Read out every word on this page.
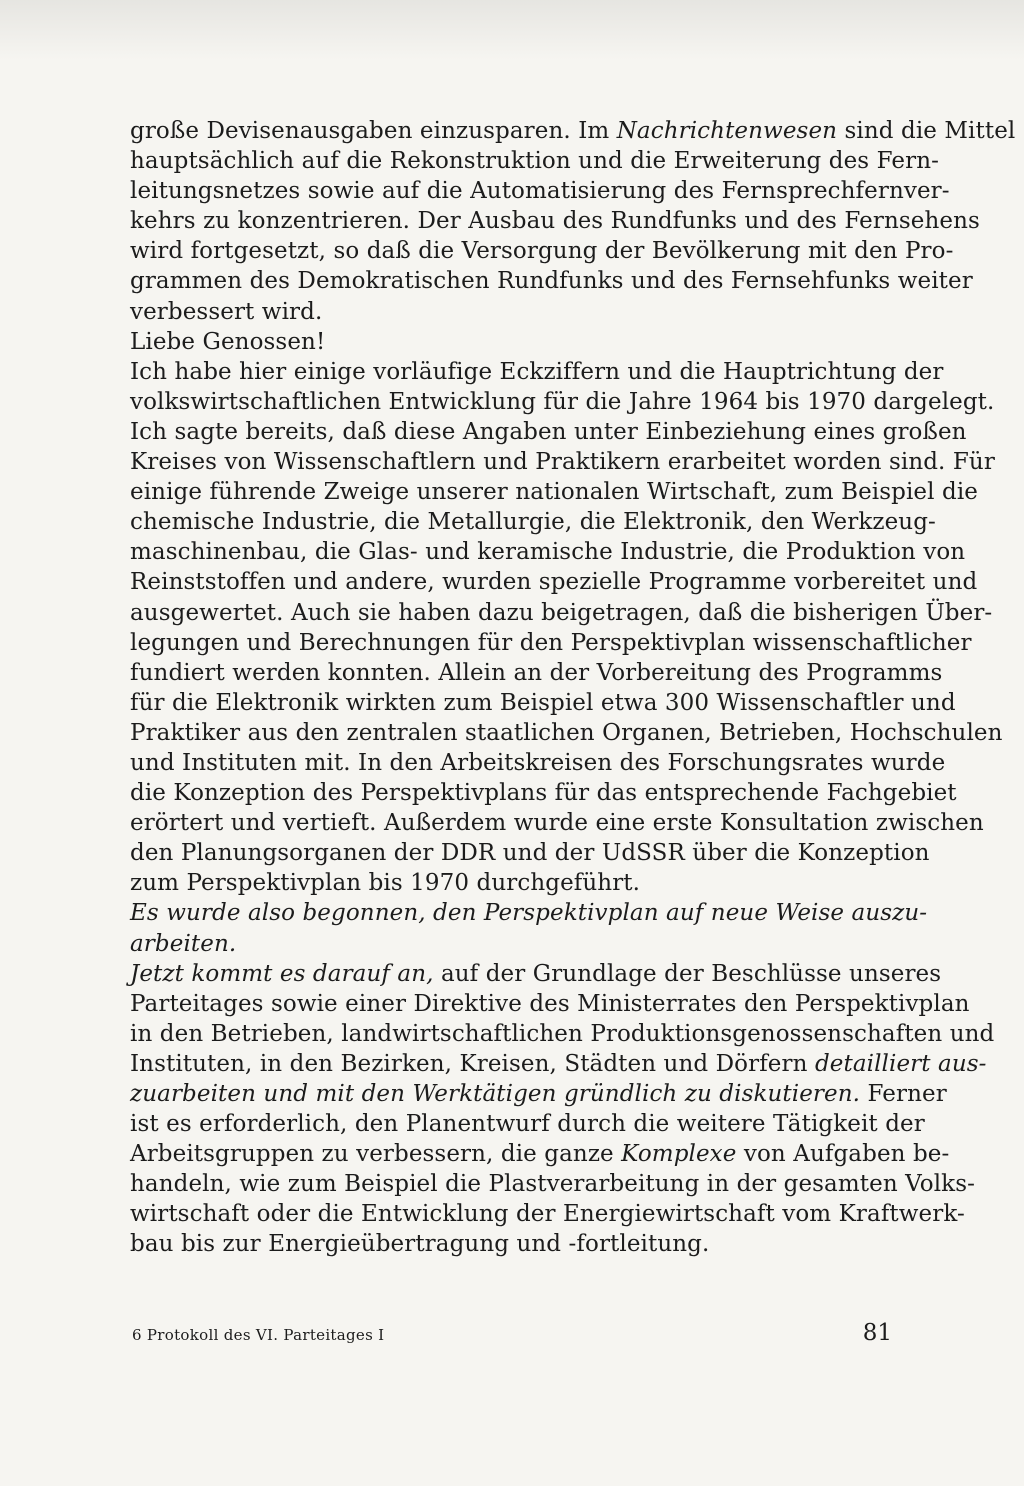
große Devisenausgaben einzusparen. Im Nachrichtenwesen sind die Mittel
hauptsächlich auf die Rekonstruktion und die Erweiterung des Fern-
leitungsnetzes sowie auf die Automatisierung des Fernsprechfernver-
kehrs zu konzentrieren. Der Ausbau des Rundfunks und des Fernsehens
wird fortgesetzt, so daß die Versorgung der Bevölkerung mit den Pro-
grammen des Demokratischen Rundfunks und des Fernsehfunks weiter
verbessert wird.
Liebe Genossen!
Ich habe hier einige vorläufige Eckziffern und die Hauptrichtung der
volkswirtschaftlichen Entwicklung für die Jahre 1964 bis 1970 dargelegt.
Ich sagte bereits, daß diese Angaben unter Einbeziehung eines großen
Kreises von Wissenschaftlern und Praktikern erarbeitet worden sind. Für
einige führende Zweige unserer nationalen Wirtschaft, zum Beispiel die
chemische Industrie, die Metallurgie, die Elektronik, den Werkzeug-
maschinenbau, die Glas- und keramische Industrie, die Produktion von
Reinststoffen und andere, wurden spezielle Programme vorbereitet und
ausgewertet. Auch sie haben dazu beigetragen, daß die bisherigen Über-
legungen und Berechnungen für den Perspektivplan wissenschaftlicher
fundiert werden konnten. Allein an der Vorbereitung des Programms
für die Elektronik wirkten zum Beispiel etwa 300 Wissenschaftler und
Praktiker aus den zentralen staatlichen Organen, Betrieben, Hochschulen
und Instituten mit. In den Arbeitskreisen des Forschungsrates wurde
die Konzeption des Perspektivplans für das entsprechende Fachgebiet
erörtert und vertieft. Außerdem wurde eine erste Konsultation zwischen
den Planungsorganen der DDR und der UdSSR über die Konzeption
zum Perspektivplan bis 1970 durchgeführt.
Es wurde also begonnen, den Perspektivplan auf neue Weise auszu-
arbeiten.
Jetzt kommt es darauf an, auf der Grundlage der Beschlüsse unseres
Parteitages sowie einer Direktive des Ministerrates den Perspektivplan
in den Betrieben, landwirtschaftlichen Produktionsgenossenschaften und
Instituten, in den Bezirken, Kreisen, Städten und Dörfern detailliert aus-
zuarbeiten und mit den Werktätigen gründlich zu diskutieren. Ferner
ist es erforderlich, den Planentwurf durch die weitere Tätigkeit der
Arbeitsgruppen zu verbessern, die ganze Komplexe von Aufgaben be-
handeln, wie zum Beispiel die Plastverarbeitung in der gesamten Volks-
wirtschaft oder die Entwicklung der Energiewirtschaft vom Kraftwerk-
bau bis zur Energieübertragung und -fortleitung.
6 Protokoll des VI. Parteitages I	81
